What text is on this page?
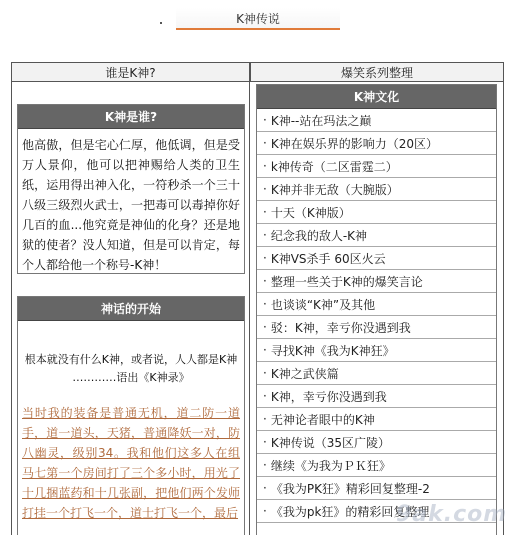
K神传说
谁是K神?	爆笑系列整理
K神是谁?
他高傲，但是宅心仁厚，他低调，但是受万人景仰，他可以把神赐给人类的卫生纸，运用得出神入化，一符秒杀一个三十八级三级烈火武士，一把毒可以毒掉你好几百的血...他究竟是神仙的化身？还是地狱的使者？没人知道，但是可以肯定，每个人都给他一个称号-K神！
神话的开始
根本就没有什么K神，或者说，人人都是K神
…………语出《K神录》
当时我的装备是普通无机，道二防一道手，道一道头，天猪，普通降妖一对，防八幽灵，级别34。我和他们这多人在组马七第一个房间打了三个多小时，用光了十几捆蓝药和十几张副，把他们两个发师打挂一个打飞一个，道士打飞一个，最后
K神文化
· K神--站在玛法之巅
· K神在娱乐界的影响力（20区）
· k神传奇（二区雷霆二）
· K神并非无敌（大腕版）
· 十天（K神版）
· 纪念我的敌人-K神
· K神VS杀手 60区火云
· 整理一些关于K神的爆笑言论
· 也谈谈“K神”及其他
· 驳：K神，幸亏你没遇到我
· 寻找K神《我为K神狂》
· K神之武侠篇
· K神，幸亏你没遇到我
· 无神论者眼中的K神
· K神传说（35区广陵）
· 继续《为我为ＰＫ狂》
· 《我为PK狂》精彩回复整理-2
· 《我为pk狂》的精彩回复整理
9ak.com
